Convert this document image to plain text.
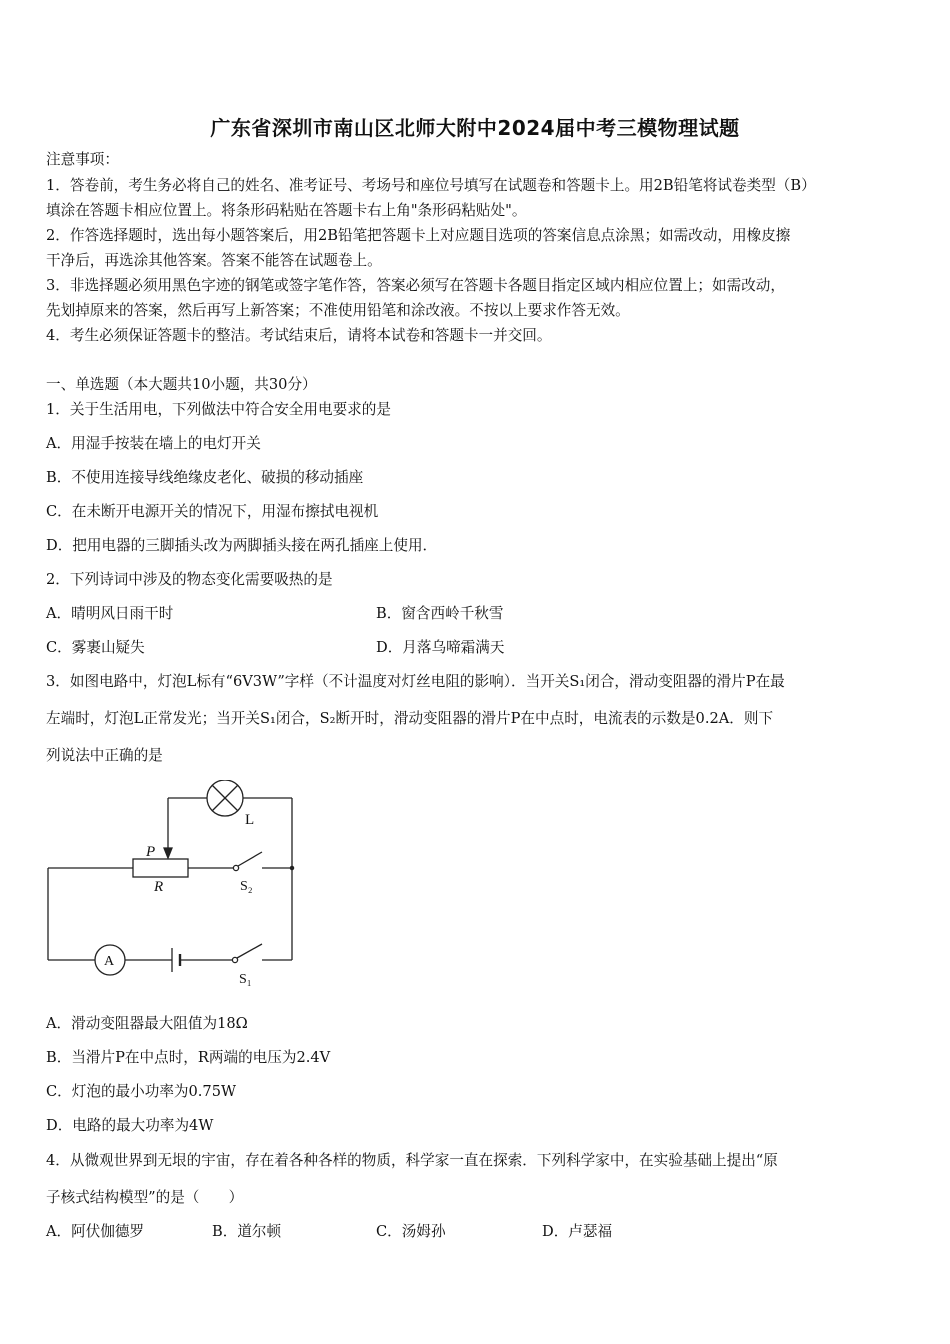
广东省深圳市南山区北师大附中2024届中考三模物理试题
注意事项：
1．答卷前，考生务必将自己的姓名、准考证号、考场号和座位号填写在试题卷和答题卡上。用2B铅笔将试卷类型（B）
填涂在答题卡相应位置上。将条形码粘贴在答题卡右上角"条形码粘贴处"。
2．作答选择题时，选出每小题答案后，用2B铅笔把答题卡上对应题目选项的答案信息点涂黑；如需改动，用橡皮擦
干净后，再选涂其他答案。答案不能答在试题卷上。
3．非选择题必须用黑色字迹的钢笔或签字笔作答，答案必须写在答题卡各题目指定区域内相应位置上；如需改动，
先划掉原来的答案，然后再写上新答案；不准使用铅笔和涂改液。不按以上要求作答无效。
4．考生必须保证答题卡的整洁。考试结束后，请将本试卷和答题卡一并交回。
一、单选题（本大题共10小题，共30分）
1．关于生活用电，下列做法中符合安全用电要求的是
A．用湿手按装在墙上的电灯开关
B．不使用连接导线绝缘皮老化、破损的移动插座
C．在未断开电源开关的情况下，用湿布擦拭电视机
D．把用电器的三脚插头改为两脚插头接在两孔插座上使用．
2．下列诗词中涉及的物态变化需要吸热的是
A．晴明风日雨干时	B．窗含西岭千秋雪
C．雾裹山疑失	D．月落乌啼霜满天
3．如图电路中，灯泡L标有“6V3W”字样（不计温度对灯丝电阻的影响）．当开关S₁闭合，滑动变阻器的滑片P在最
左端时，灯泡L正常发光；当开关S₁闭合，S₂断开时，滑动变阻器的滑片P在中点时，电流表的示数是0.2A．则下
列说法中正确的是
L
P
R	S₂
A
S₁
A．滑动变阻器最大阻值为18Ω
B．当滑片P在中点时，R两端的电压为2.4V
C．灯泡的最小功率为0.75W
D．电路的最大功率为4W
4．从微观世界到无垠的宇宙，存在着各种各样的物质，科学家一直在探索．下列科学家中，在实验基础上提出“原
子核式结构模型”的是（　　）
A．阿伏伽德罗	B．道尔顿	C．汤姆孙	D．卢瑟福
